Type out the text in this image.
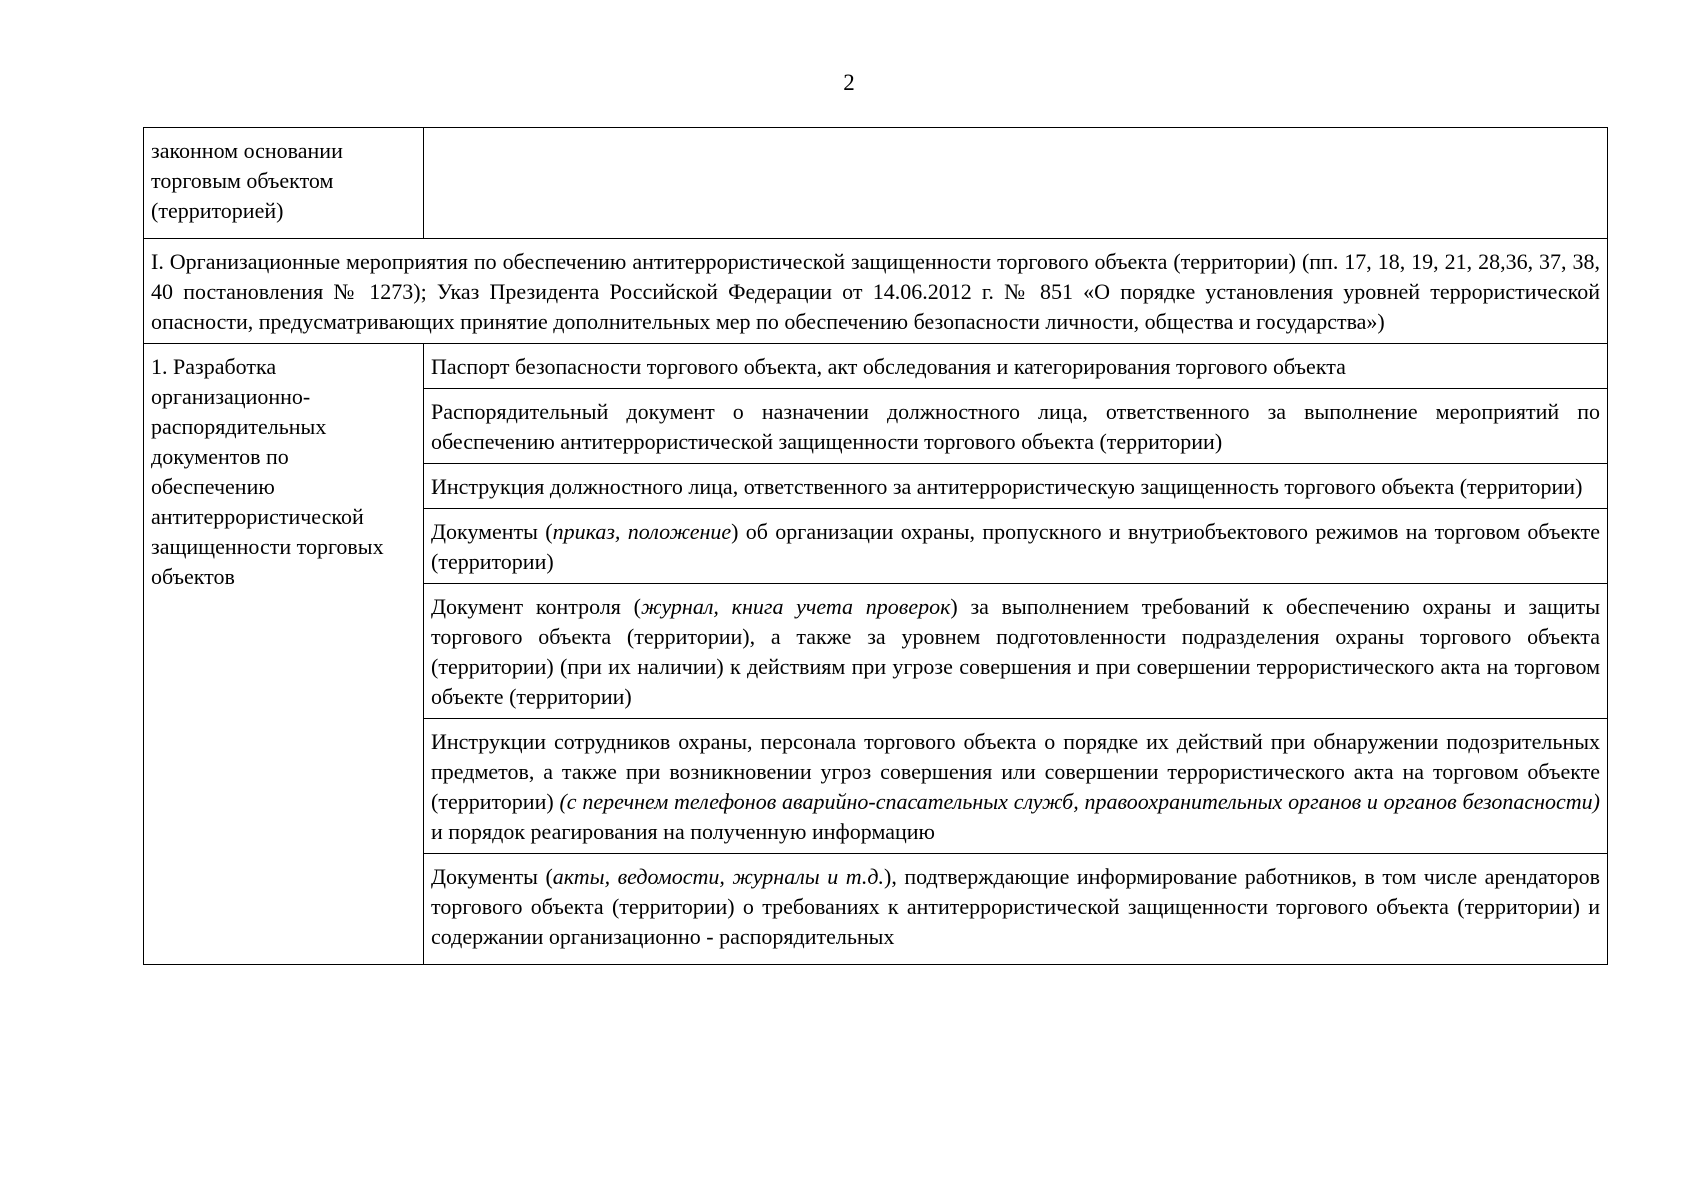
2
законном основании торговым объектом (территорией)	
I. Организационные мероприятия по обеспечению антитеррористической защищенности торгового объекта (территории) (пп. 17, 18, 19, 21, 28,36, 37, 38, 40 постановления № 1273); Указ Президента Российской Федерации от 14.06.2012 г. № 851 «О порядке установления уровней террористической опасности, предусматривающих принятие дополнительных мер по обеспечению безопасности личности, общества и государства»)	
1. Разработка организационно-распорядительных документов по обеспечению антитеррористической защищенности торговых объектов	Паспорт безопасности торгового объекта, акт обследования и категорирования торгового объекта
	Распорядительный документ о назначении должностного лица, ответственного за выполнение мероприятий по обеспечению антитеррористической защищенности торгового объекта (территории)
	Инструкция должностного лица, ответственного за антитеррористическую защищенность торгового объекта (территории)
	Документы (приказ, положение) об организации охраны, пропускного и внутриобъектового режимов на торговом объекте (территории)
	Документ контроля (журнал, книга учета проверок) за выполнением требований к обеспечению охраны и защиты торгового объекта (территории), а также за уровнем подготовленности подразделения охраны торгового объекта (территории) (при их наличии) к действиям при угрозе совершения и при совершении террористического акта на торговом объекте (территории)
	Инструкции сотрудников охраны, персонала торгового объекта о порядке их действий при обнаружении подозрительных предметов, а также при возникновении угроз совершения или совершении террористического акта на торговом объекте (территории) (с перечнем телефонов аварийно-спасательных служб, правоохранительных органов и органов безопасности) и порядок реагирования на полученную информацию

	Документы (акты, ведомости, журналы и т.д.), подтверждающие информирование работников, в том числе арендаторов торгового объекта (территории) о требованиях к антитеррористической защищенности торгового объекта (территории) и содержании организационно - распорядительных
